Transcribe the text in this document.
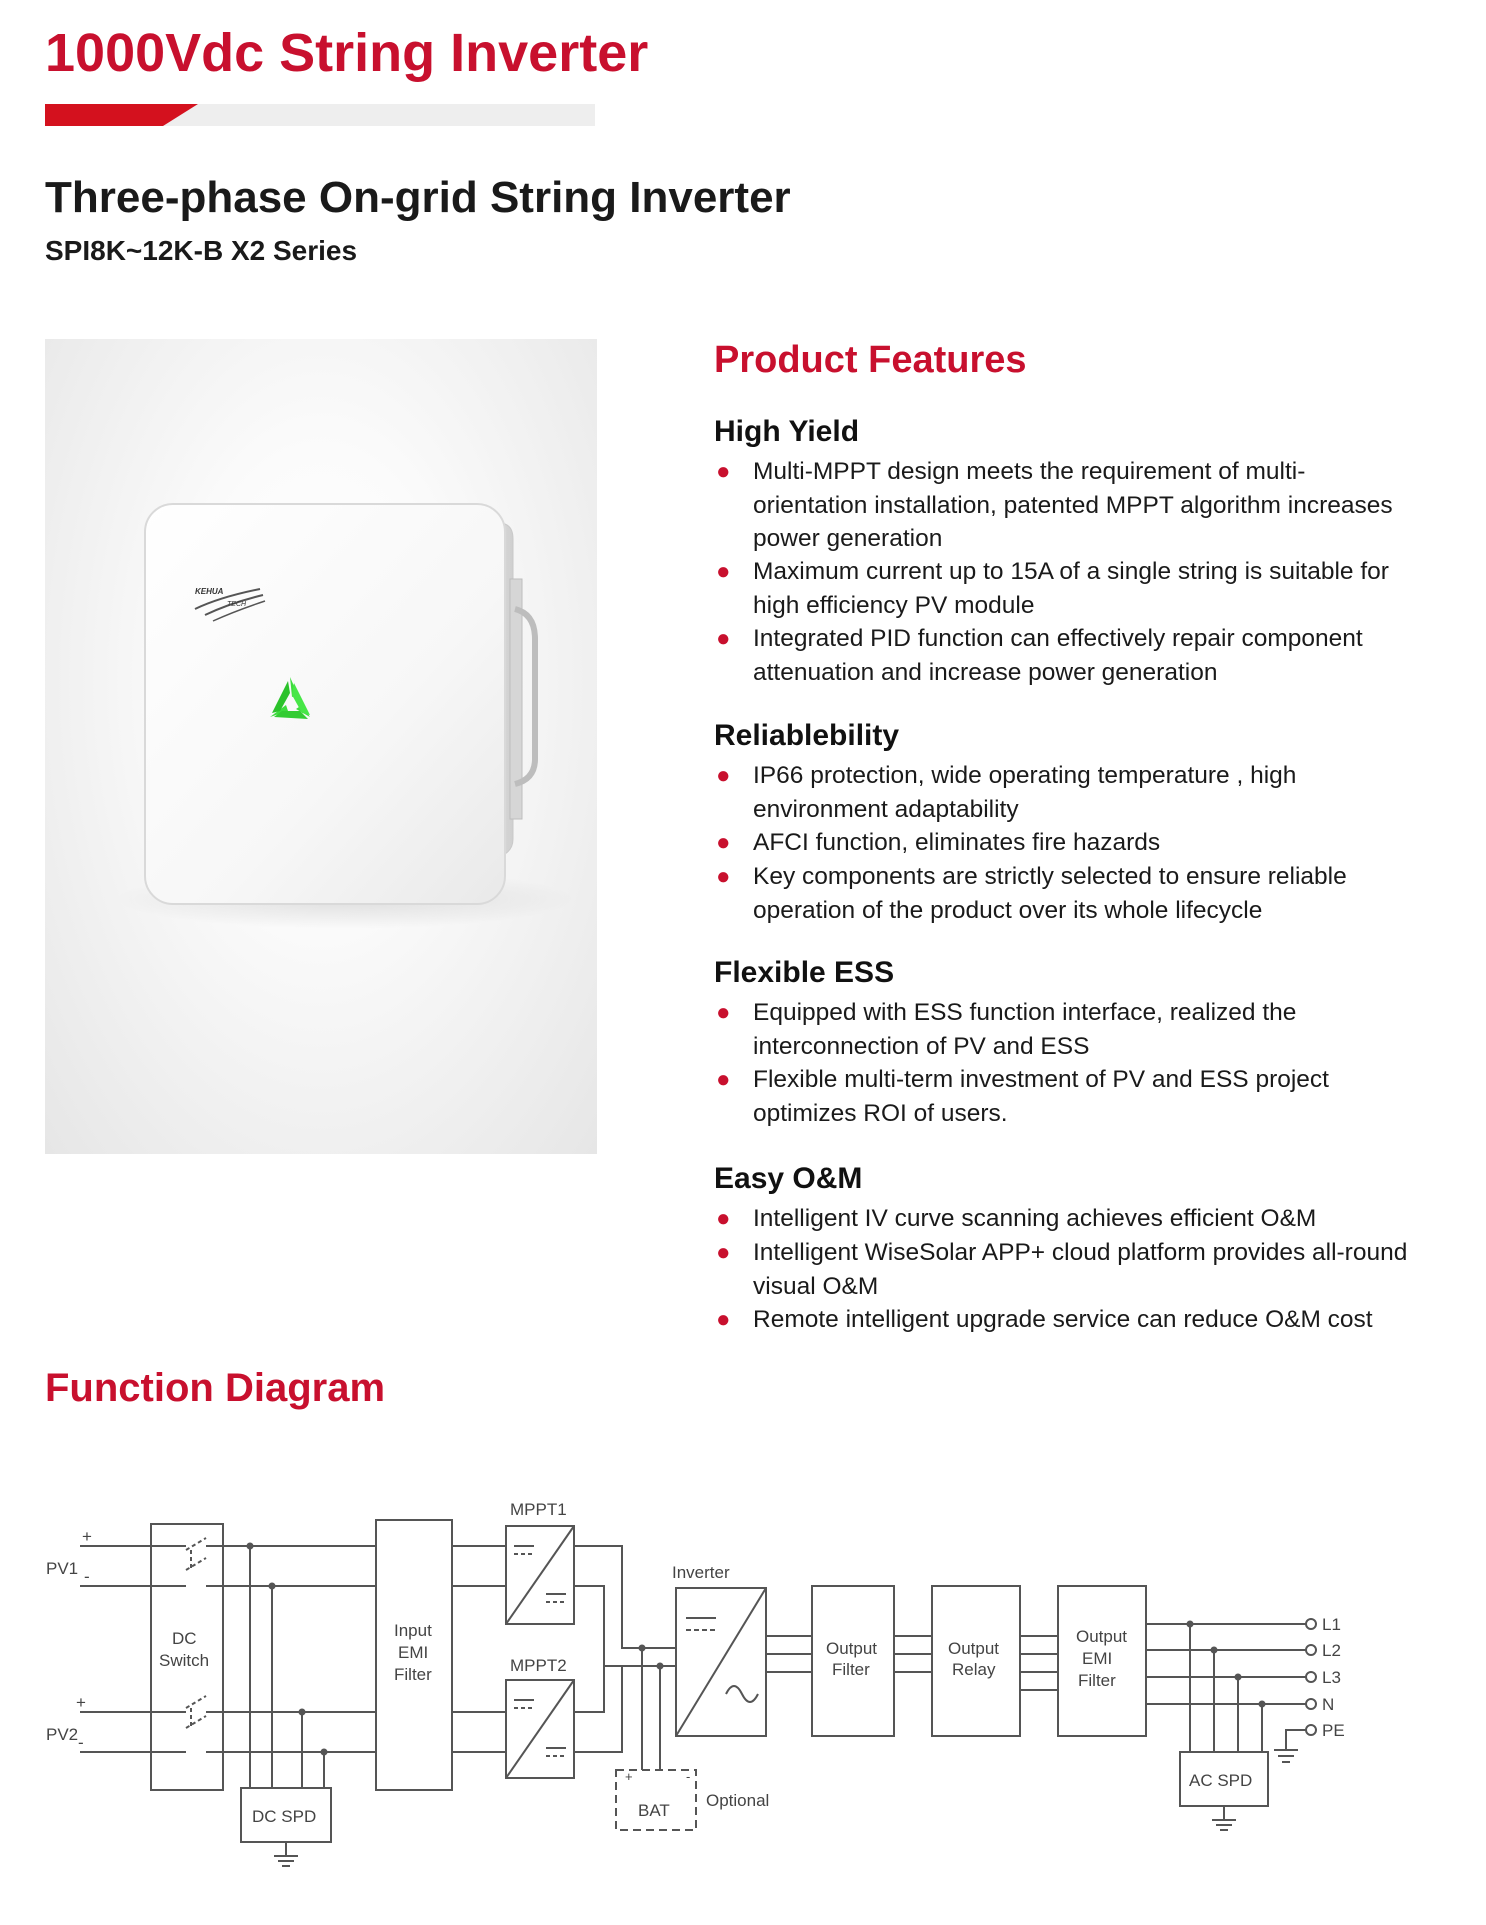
1000Vdc String Inverter
Three-phase On-grid String Inverter
SPI8K~12K-B X2 Series
KEHUA
TECH
Product Features
High Yield
● Multi-MPPT design meets the requirement of multi-orientation installation, patented MPPT algorithm increases power generation
● Maximum current up to 15A of a single string is suitable for high efficiency PV module
● Integrated PID function can effectively repair component attenuation and increase power generation
Reliablebility
● IP66 protection, wide operating temperature , high environment adaptability
● AFCI function, eliminates fire hazards
● Key components are strictly selected to ensure reliable operation of the product over its whole lifecycle
Flexible ESS
● Equipped with ESS function interface, realized the interconnection of PV and ESS
● Flexible multi-term investment of PV and ESS project optimizes ROI of users.
Easy O&M
● Intelligent IV curve scanning achieves efficient O&M
● Intelligent WiseSolar APP+ cloud platform provides all-round visual O&M
● Remote intelligent upgrade service can reduce O&M cost
Function Diagram
PV1
PV2
+
-
+
-
DC
Switch
DC SPD
Input
EMI
Filter
MPPT1
MPPT2
Inverter
+	-
BAT
Optional
Output
Filter
Output
Relay
Output
EMI
Filter
AC SPD
L1
L2
L3
N
PE
